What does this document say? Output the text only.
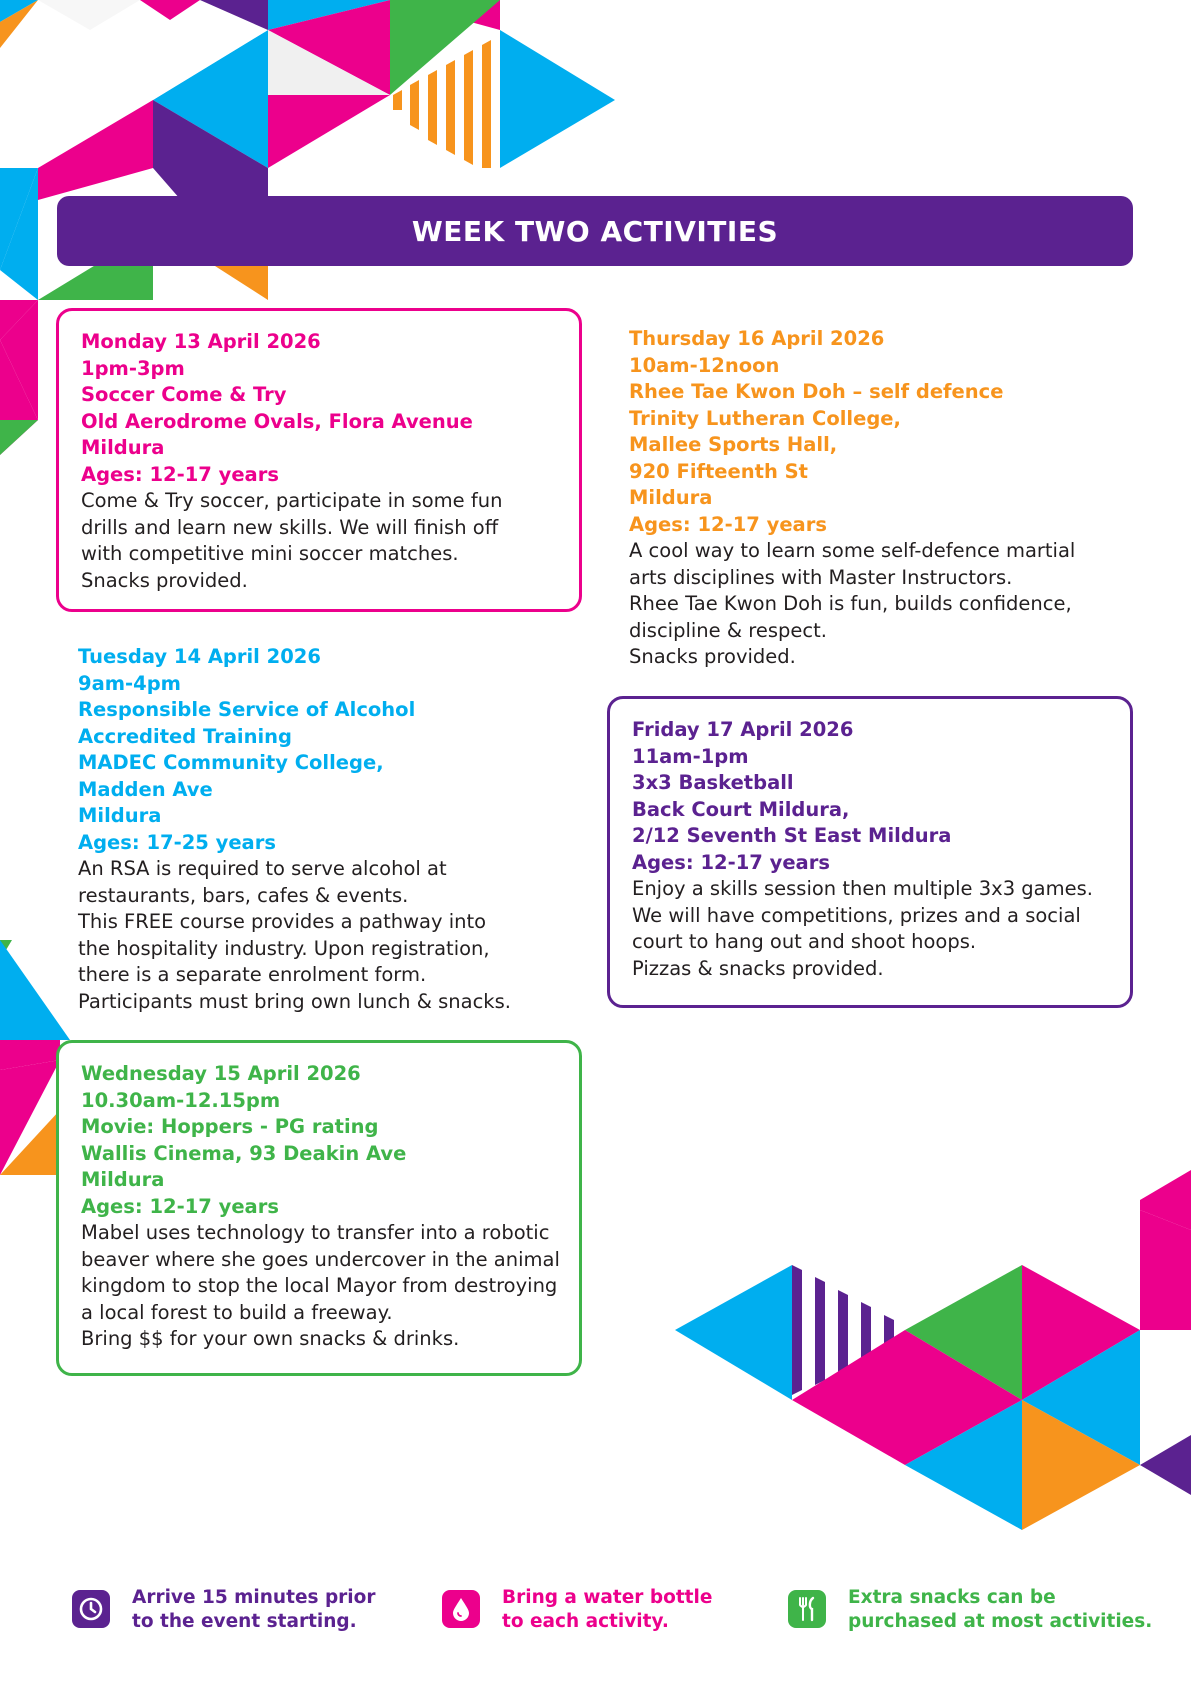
WEEK TWO ACTIVITIES
Monday 13 April 2026
1pm-3pm
Soccer Come & Try
Old Aerodrome Ovals, Flora Avenue
Mildura
Ages: 12-17 years
Come & Try soccer, participate in some fun
drills and learn new skills. We will finish off
with competitive mini soccer matches.
Snacks provided.
Tuesday 14 April 2026
9am-4pm
Responsible Service of Alcohol
Accredited Training
MADEC Community College,
Madden Ave
Mildura
Ages: 17-25 years
An RSA is required to serve alcohol at
restaurants, bars, cafes & events.
This FREE course provides a pathway into
the hospitality industry. Upon registration,
there is a separate enrolment form.
Participants must bring own lunch & snacks.
Wednesday 15 April 2026
10.30am-12.15pm
Movie: Hoppers - PG rating
Wallis Cinema, 93 Deakin Ave
Mildura
Ages: 12-17 years
Mabel uses technology to transfer into a robotic
beaver where she goes undercover in the animal
kingdom to stop the local Mayor from destroying
a local forest to build a freeway.
Bring $$ for your own snacks & drinks.
Thursday 16 April 2026
10am-12noon
Rhee Tae Kwon Doh – self defence
Trinity Lutheran College,
Mallee Sports Hall,
920 Fifteenth St
Mildura
Ages: 12-17 years
A cool way to learn some self-defence martial
arts disciplines with Master Instructors.
Rhee Tae Kwon Doh is fun, builds confidence,
discipline & respect.
Snacks provided.
Friday 17 April 2026
11am-1pm
3x3 Basketball
Back Court Mildura,
2/12 Seventh St East Mildura
Ages: 12-17 years
Enjoy a skills session then multiple 3x3 games.
We will have competitions, prizes and a social
court to hang out and shoot hoops.
Pizzas & snacks provided.
Arrive 15 minutes prior
to the event starting.
Bring a water bottle
to each activity.
Extra snacks can be
purchased at most activities.
